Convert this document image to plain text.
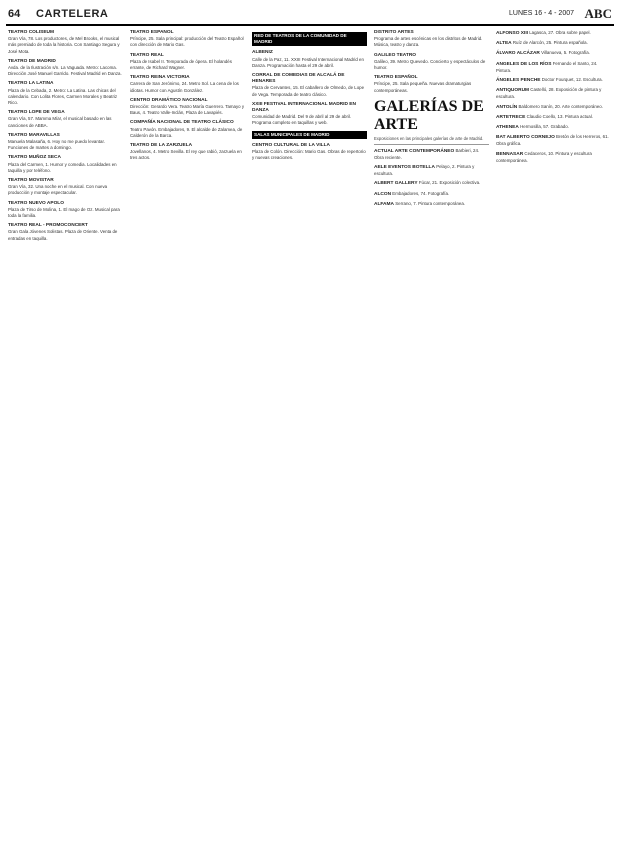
64 CARTELERA	LUNES 16 - 4 - 2007 ABC
TEATRO COLISEUM
Gran Vía, 78. Los productores, de Mel Brooks, el musical más premiado de toda la historia. Con Santiago Segura y José Mota.
TEATRO DE MADRID
Avda. de la Ilustración s/n. La Vaguada. Metro: Lacoma. Dirección José Manuel Garrido. Festival Madrid en Danza.
TEATRO LA LATINA
Plaza de la Cebada, 2. Metro: La Latina. Las chicas del calendario. Con Lolita Flores, Carmen Morales y Beatriz Rico.
TEATRO LOPE DE VEGA
Gran Vía, 57. Mamma Mía!, el musical basado en las canciones de ABBA.
TEATRO MARAVILLAS
Manuela Malasaña, 6. Hoy no me puedo levantar. Funciones de martes a domingo.
TEATRO MUÑOZ SECA
Plaza del Carmen, 1. Humor y comedia. Localidades en taquilla y por teléfono.
TEATRO MOVISTAR
Gran Vía, 32. Una noche en el musical. Con nueva producción y montaje espectacular.
TEATRO NUEVO APOLO
Plaza de Tirso de Molina, 1. El mago de Oz. Musical para toda la familia.
TEATRO REAL - PROMOCONCERT
Gran Gala Jóvenes Solistas. Plaza de Oriente. Venta de entradas en taquilla.
TEATRO ESPAÑOL
Príncipe, 25. Sala principal: producción del Teatro Español con dirección de Mario Gas.
TEATRO REAL
Plaza de Isabel II. Temporada de ópera. El holandés errante, de Richard Wagner.
TEATRO REINA VICTORIA
Carrera de San Jerónimo, 24. Metro Sol. La cena de los idiotas. Humor con Agustín González.
CENTRO DRAMÁTICO NACIONAL
Dirección: Gerardo Vera. Teatro María Guerrero. Tamayo y Baus, 4. Teatro Valle-Inclán, Plaza de Lavapiés.
COMPAÑÍA NACIONAL DE TEATRO CLÁSICO
Teatro Pavón. Embajadores, 9. El alcalde de Zalamea, de Calderón de la Barca.
TEATRO DE LA ZARZUELA
Jovellanos, 4. Metro Sevilla. El rey que rabió, zarzuela en tres actos.
RED DE TEATROS DE LA COMUNIDAD DE MADRID
ALBENIZ
Calle de la Paz, 11. XXIII Festival Internacional Madrid en Danza. Programación hasta el 29 de abril.
CORRAL DE COMEDIAS DE ALCALÁ DE HENARES
Plaza de Cervantes, 15. El caballero de Olmedo, de Lope de Vega. Temporada de teatro clásico.
XXIII FESTIVAL INTERNACIONAL MADRID EN DANZA
Comunidad de Madrid. Del 9 de abril al 29 de abril. Programa completo en taquillas y web.
SALAS MUNICIPALES DE MADRID
CENTRO CULTURAL DE LA VILLA
Plaza de Colón. Dirección: Mario Gas. Obras de repertorio y nuevas creaciones.
DISTRITO ARTES
Programa de artes escénicas en los distritos de Madrid. Música, teatro y danza.
GALILEO TEATRO
Galileo, 39. Metro Quevedo. Concierto y espectáculos de humor.
TEATRO ESPAÑOL
Príncipe, 25. Sala pequeña. Nuevas dramaturgias contemporáneas.
GALERÍAS DE ARTE
Exposiciones en las principales galerías de arte de Madrid.
ACTUAL ARTE CONTEMPORÁNEO Barbieri, 24. Obra reciente.
AELE EVENTOS BOTELLA Pelayo, 2. Pintura y escultura.
ALBERT GALLERY Fúcar, 21. Exposición colectiva.
ALCON Embajadores, 74. Fotografía.
ALFAMA Serrano, 7. Pintura contemporánea.
ALFONSO XIII Lagasca, 27. Obra sobre papel.
ALTEA Ruíz de Alarcón, 25. Pintura española.
ÁLVARO ALCÁZAR Villanueva, 5. Fotografía.
ANGELES DE LOS RÍOS Fernando el Santo, 24. Pintura.
ÁNGELES PENCHE Doctor Fourquet, 12. Escultura.
ANTIQUORUM Castelló, 28. Exposición de pintura y escultura.
ANTOLÍN Baldomero Sanín, 20. Arte contemporáneo.
ARTETRECE Claudio Coello, 13. Pintura actual.
ATHENEA Hermosilla, 57. Grabado.
BAT ALBERTO CORNEJO Bretón de los Herreros, 61. Obra gráfica.
BENNASAR Cedaceros, 10. Pintura y escultura contemporánea.
